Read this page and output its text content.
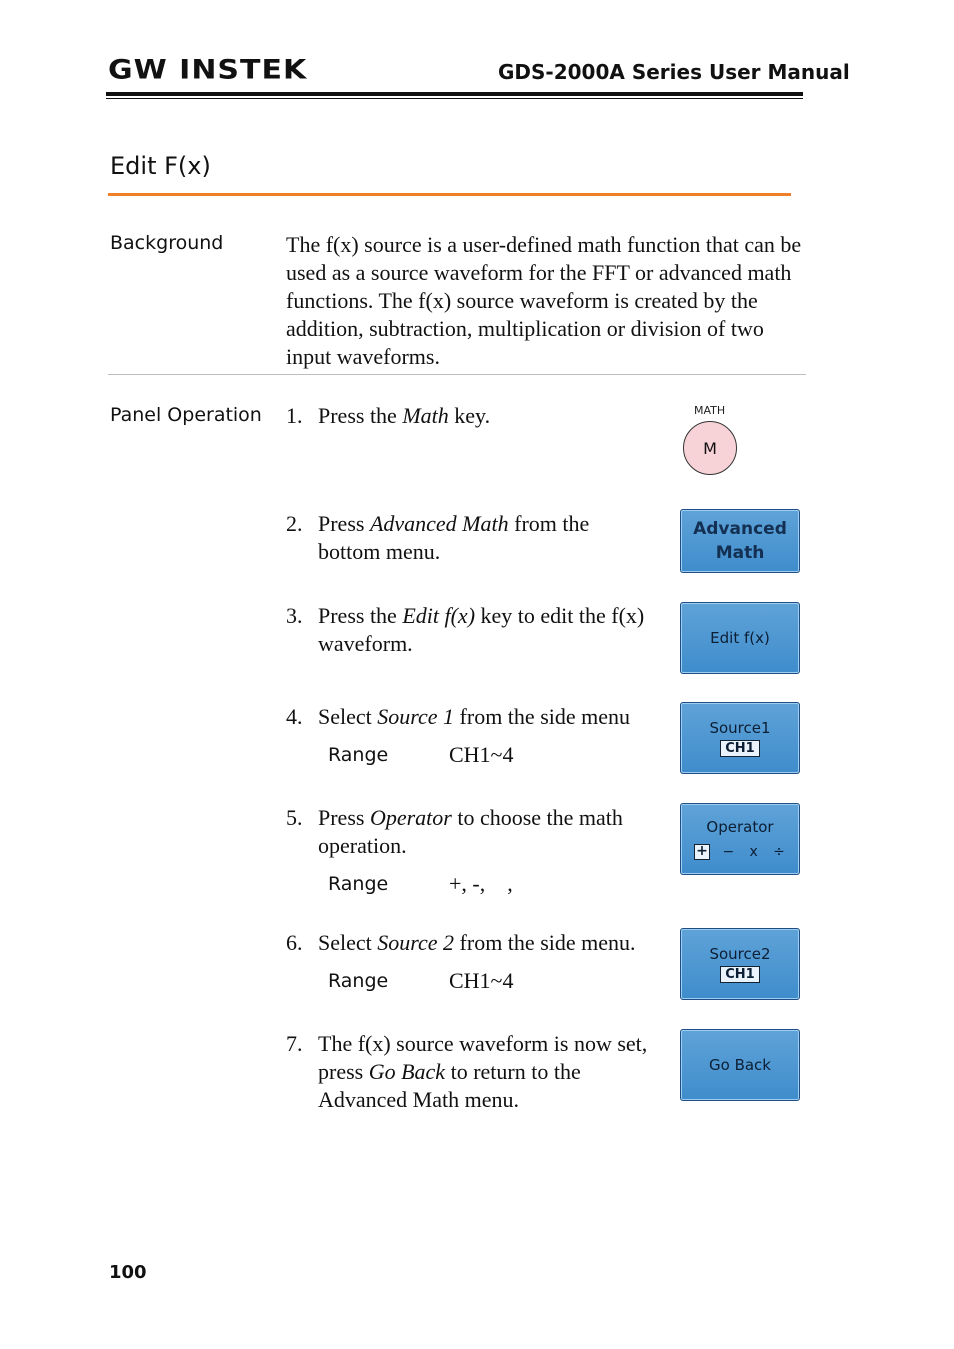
GW INSTEK	GDS-2000A Series User Manual
Edit F(x)
Background	The f(x) source is a user-defined math function that can be used as a source waveform for the FFT or advanced math functions. The f(x) source waveform is created by the addition, subtraction, multiplication or division of two input waveforms.

Panel Operation 1. Press the Math key.
2. Press Advanced Math from the bottom menu.
3. Press the Edit f(x) key to edit the f(x) waveform.
4. Select Source 1 from the side menu
Range	CH1~4
5. Press Operator to choose the math operation.
Range	+, -,    ,
6. Select Source 2 from the side menu.
Range	CH1~4
7. The f(x) source waveform is now set, press Go Back to return to the Advanced Math menu.
MATH
M
Advanced
Math
Edit f(x)
Source1
CH1
Operator
+ − x ÷
Source2
CH1
Go Back
100
